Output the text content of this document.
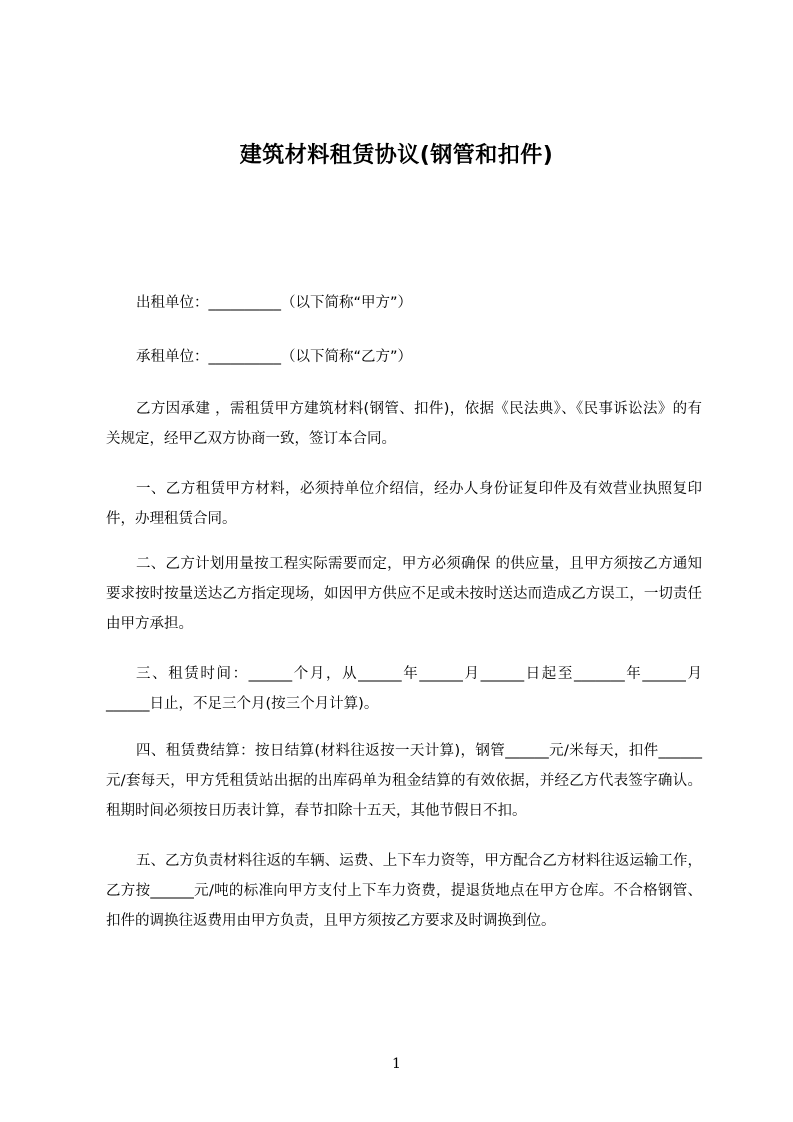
建筑材料租赁协议(钢管和扣件)
出租单位：__________（以下简称“甲方”）
承租单位：__________（以下简称“乙方”）
乙方因承建 ，需租赁甲方建筑材料(钢管、扣件)，依据《民法典》、《民事诉讼法》的有关规定，经甲乙双方协商一致，签订本合同。
一、乙方租赁甲方材料，必须持单位介绍信，经办人身份证复印件及有效营业执照复印件，办理租赁合同。
二、乙方计划用量按工程实际需要而定，甲方必须确保 的供应量，且甲方须按乙方通知要求按时按量送达乙方指定现场，如因甲方供应不足或未按时送达而造成乙方误工，一切责任由甲方承担。
三、租赁时间：______个月，从______年______月______日起至_______年______月______日止，不足三个月(按三个月计算)。
四、租赁费结算：按日结算(材料往返按一天计算)，钢管______元/米每天，扣件______元/套每天，甲方凭租赁站出据的出库码单为租金结算的有效依据，并经乙方代表签字确认。租期时间必须按日历表计算，春节扣除十五天，其他节假日不扣。
五、乙方负责材料往返的车辆、运费、上下车力资等，甲方配合乙方材料往返运输工作，乙方按______元/吨的标准向甲方支付上下车力资费，提退货地点在甲方仓库。不合格钢管、扣件的调换往返费用由甲方负责，且甲方须按乙方要求及时调换到位。
1
